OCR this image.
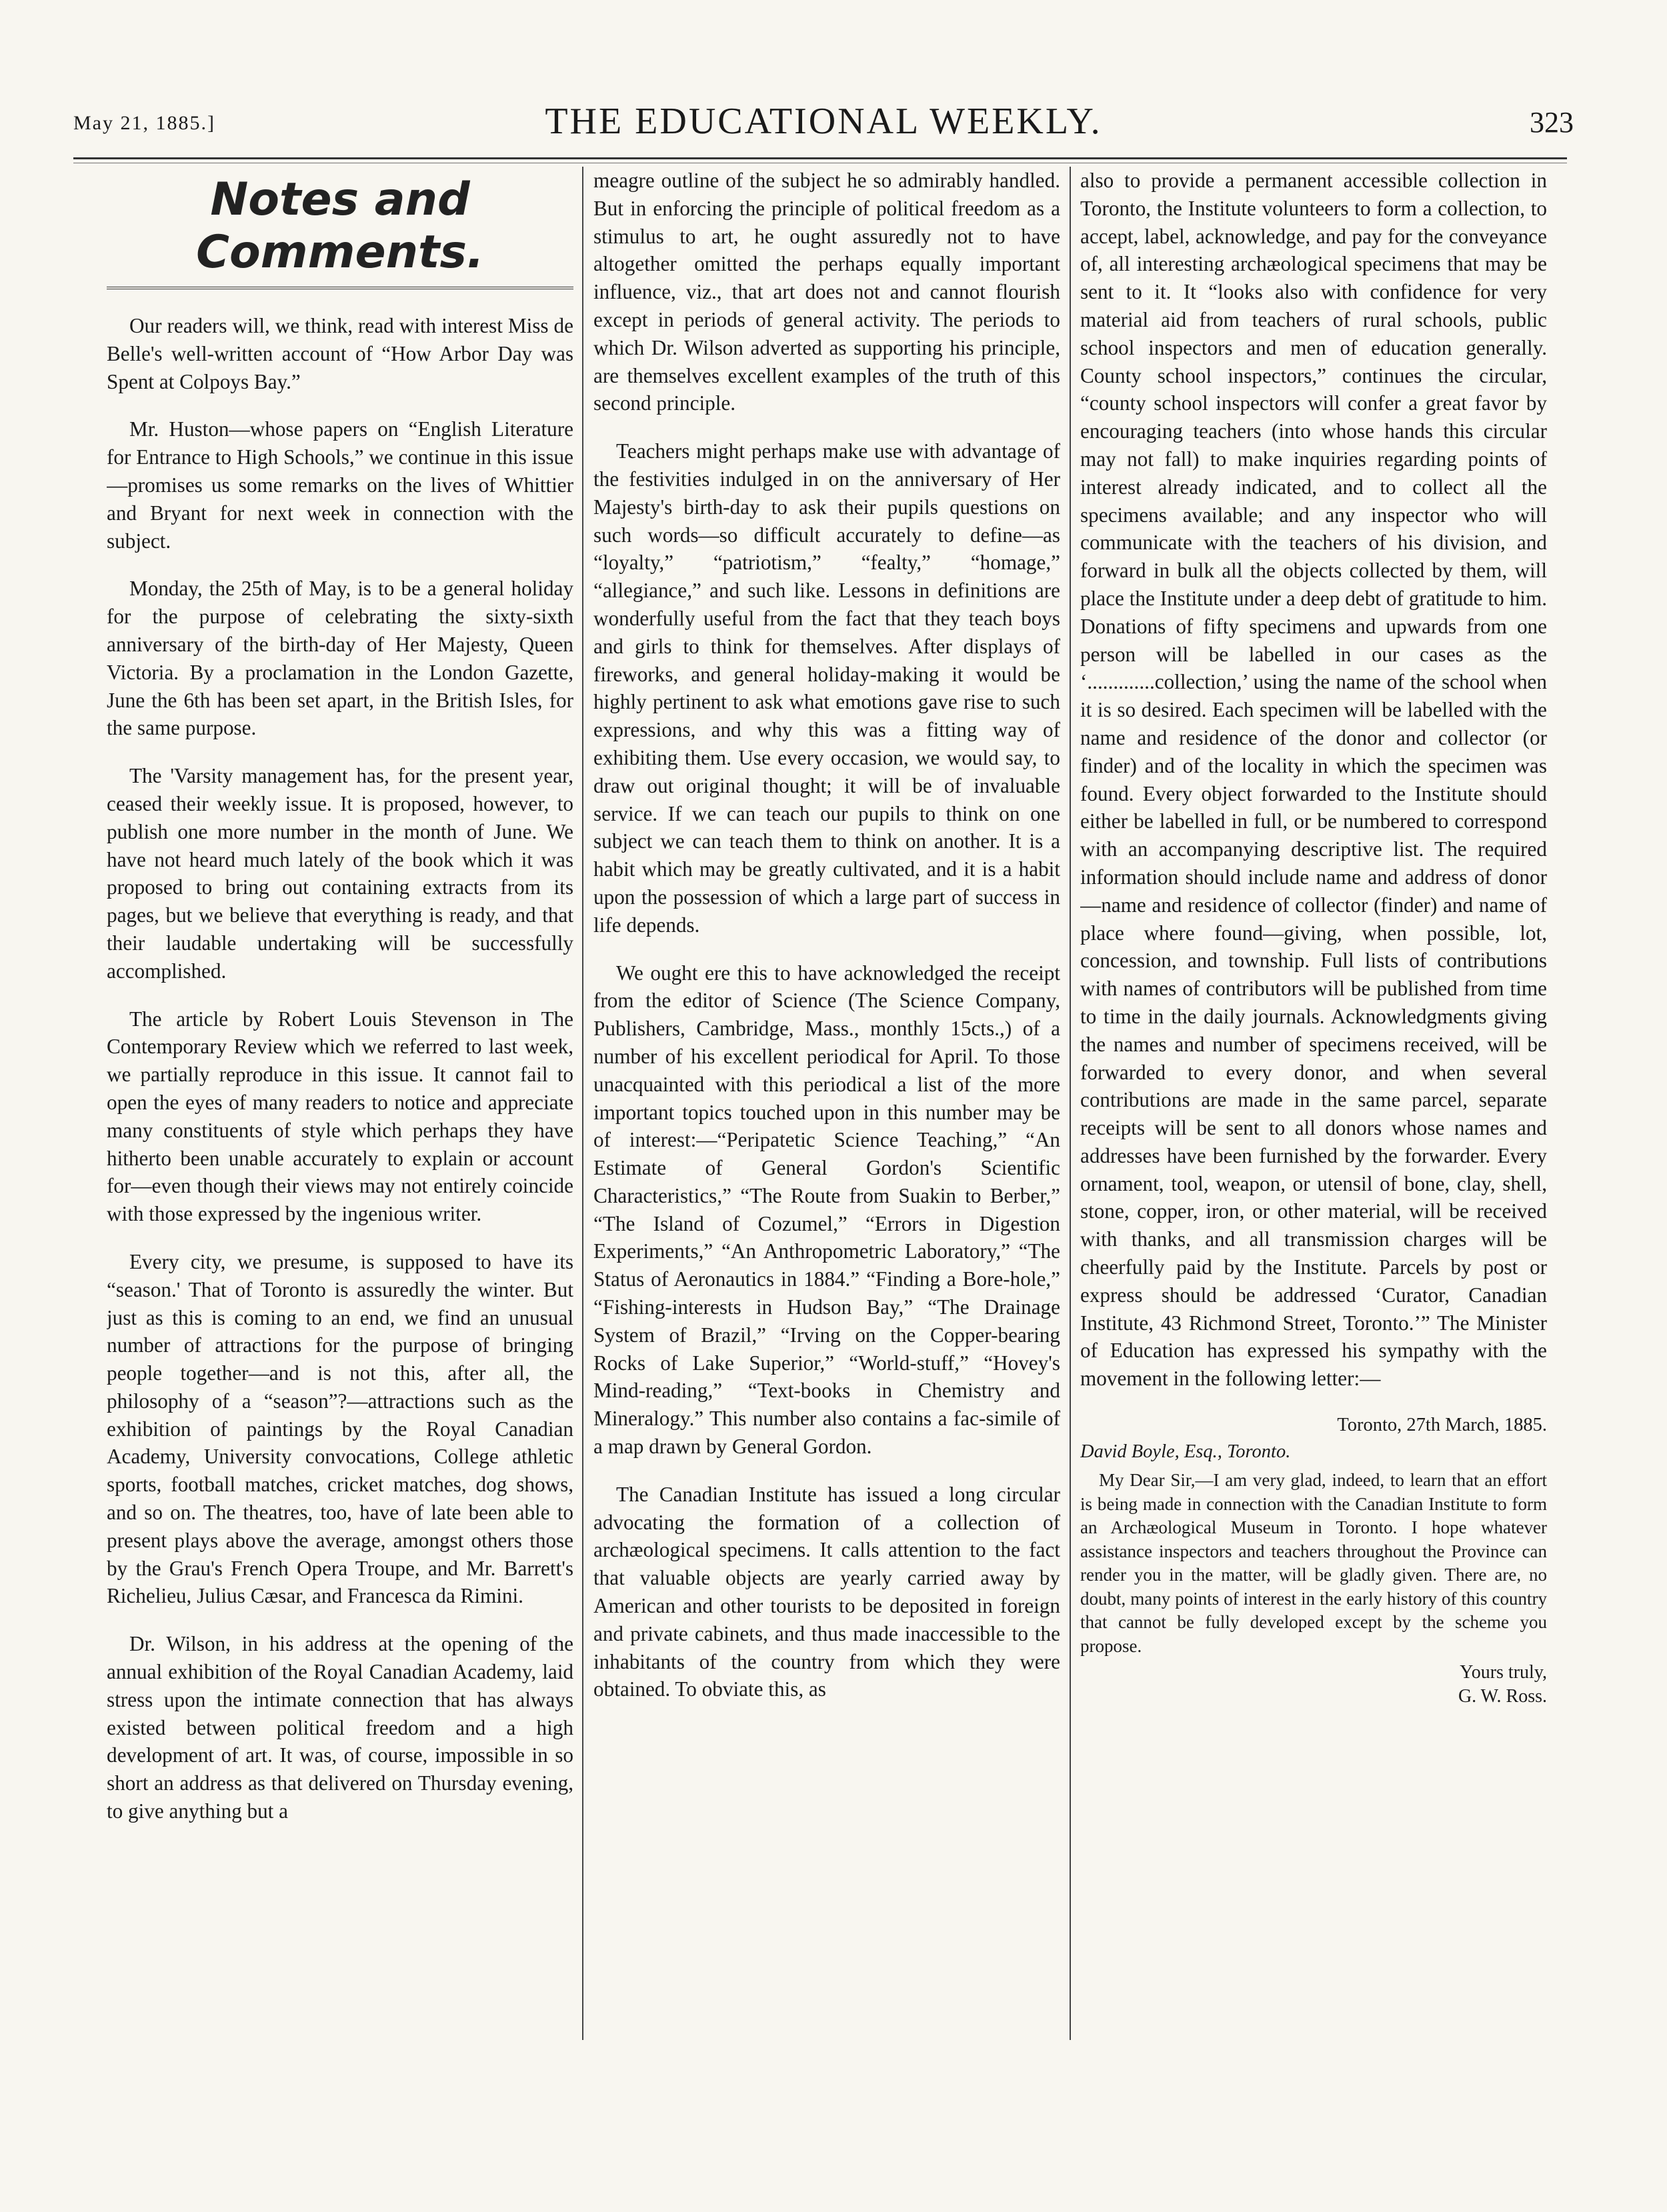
May 21, 1885.]	THE EDUCATIONAL WEEKLY.	323
Notes and Comments.

Our readers will, we think, read with interest Miss de Belle's well-written account of “How Arbor Day was Spent at Colpoys Bay.”

Mr. Huston—whose papers on “English Literature for Entrance to High Schools,” we continue in this issue—promises us some remarks on the lives of Whittier and Bryant for next week in connection with the subject.

Monday, the 25th of May, is to be a general holiday for the purpose of celebrating the sixty-sixth anniversary of the birth-day of Her Majesty, Queen Victoria. By a proclamation in the London Gazette, June the 6th has been set apart, in the British Isles, for the same purpose.

The 'Varsity management has, for the present year, ceased their weekly issue. It is proposed, however, to publish one more number in the month of June. We have not heard much lately of the book which it was proposed to bring out containing extracts from its pages, but we believe that everything is ready, and that their laudable undertaking will be successfully accomplished.

The article by Robert Louis Stevenson in The Contemporary Review which we referred to last week, we partially reproduce in this issue. It cannot fail to open the eyes of many readers to notice and appreciate many constituents of style which perhaps they have hitherto been unable accurately to explain or account for—even though their views may not entirely coincide with those expressed by the ingenious writer.

Every city, we presume, is supposed to have its “season.' That of Toronto is assuredly the winter. But just as this is coming to an end, we find an unusual number of attractions for the purpose of bringing people together—and is not this, after all, the philosophy of a “season”?—attractions such as the exhibition of paintings by the Royal Canadian Academy, University convocations, College athletic sports, football matches, cricket matches, dog shows, and so on. The theatres, too, have of late been able to present plays above the average, amongst others those by the Grau's French Opera Troupe, and Mr. Barrett's Richelieu, Julius Cæsar, and Francesca da Rimini.

Dr. Wilson, in his address at the opening of the annual exhibition of the Royal Canadian Academy, laid stress upon the intimate connection that has always existed between political freedom and a high development of art. It was, of course, impossible in so short an address as that delivered on Thursday evening, to give anything but a

meagre outline of the subject he so admirably handled. But in enforcing the principle of political freedom as a stimulus to art, he ought assuredly not to have altogether omitted the perhaps equally important influence, viz., that art does not and cannot flourish except in periods of general activity. The periods to which Dr. Wilson adverted as supporting his principle, are themselves excellent examples of the truth of this second principle.

Teachers might perhaps make use with advantage of the festivities indulged in on the anniversary of Her Majesty's birth-day to ask their pupils questions on such words—so difficult accurately to define—as “loyalty,” “patriotism,” “fealty,” “homage,” “allegiance,” and such like. Lessons in definitions are wonderfully useful from the fact that they teach boys and girls to think for themselves. After displays of fireworks, and general holiday-making it would be highly pertinent to ask what emotions gave rise to such expressions, and why this was a fitting way of exhibiting them. Use every occasion, we would say, to draw out original thought; it will be of invaluable service. If we can teach our pupils to think on one subject we can teach them to think on another. It is a habit which may be greatly cultivated, and it is a habit upon the possession of which a large part of success in life depends.

We ought ere this to have acknowledged the receipt from the editor of Science (The Science Company, Publishers, Cambridge, Mass., monthly 15cts.,) of a number of his excellent periodical for April. To those unacquainted with this periodical a list of the more important topics touched upon in this number may be of interest:—“Peripatetic Science Teaching,” “An Estimate of General Gordon's Scientific Characteristics,” “The Route from Suakin to Berber,” “The Island of Cozumel,” “Errors in Digestion Experiments,” “An Anthropometric Laboratory,” “The Status of Aeronautics in 1884.” “Finding a Bore-hole,” “Fishing-interests in Hudson Bay,” “The Drainage System of Brazil,” “Irving on the Copper-bearing Rocks of Lake Superior,” “World-stuff,” “Hovey's Mind-reading,” “Text-books in Chemistry and Mineralogy.” This number also contains a fac-simile of a map drawn by General Gordon.

The Canadian Institute has issued a long circular advocating the formation of a collection of archæological specimens. It calls attention to the fact that valuable objects are yearly carried away by American and other tourists to be deposited in foreign and private cabinets, and thus made inaccessible to the inhabitants of the country from which they were obtained. To obviate this, as

also to provide a permanent accessible collection in Toronto, the Institute volunteers to form a collection, to accept, label, acknowledge, and pay for the conveyance of, all interesting archæological specimens that may be sent to it. It “looks also with confidence for very material aid from teachers of rural schools, public school inspectors and men of education generally. County school inspectors,” continues the circular, “county school inspectors will confer a great favor by encouraging teachers (into whose hands this circular may not fall) to make inquiries regarding points of interest already indicated, and to collect all the specimens available; and any inspector who will communicate with the teachers of his division, and forward in bulk all the objects collected by them, will place the Institute under a deep debt of gratitude to him. Donations of fifty specimens and upwards from one person will be labelled in our cases as the ‘.............collection,’ using the name of the school when it is so desired. Each specimen will be labelled with the name and residence of the donor and collector (or finder) and of the locality in which the specimen was found. Every object forwarded to the Institute should either be labelled in full, or be numbered to correspond with an accompanying descriptive list. The required information should include name and address of donor—name and residence of collector (finder) and name of place where found—giving, when possible, lot, concession, and township. Full lists of contributions with names of contributors will be published from time to time in the daily journals. Acknowledgments giving the names and number of specimens received, will be forwarded to every donor, and when several contributions are made in the same parcel, separate receipts will be sent to all donors whose names and addresses have been furnished by the forwarder. Every ornament, tool, weapon, or utensil of bone, clay, shell, stone, copper, iron, or other material, will be received with thanks, and all transmission charges will be cheerfully paid by the Institute. Parcels by post or express should be addressed ‘Curator, Canadian Institute, 43 Richmond Street, Toronto.’” The Minister of Education has expressed his sympathy with the movement in the following letter:—

Toronto, 27th March, 1885.

David Boyle, Esq., Toronto.

My Dear Sir,—I am very glad, indeed, to learn that an effort is being made in connection with the Canadian Institute to form an Archæological Museum in Toronto. I hope whatever assistance inspectors and teachers throughout the Province can render you in the matter, will be gladly given. There are, no doubt, many points of interest in the early history of this country that cannot be fully developed except by the scheme you propose.

Yours truly,

G. W. Ross.
